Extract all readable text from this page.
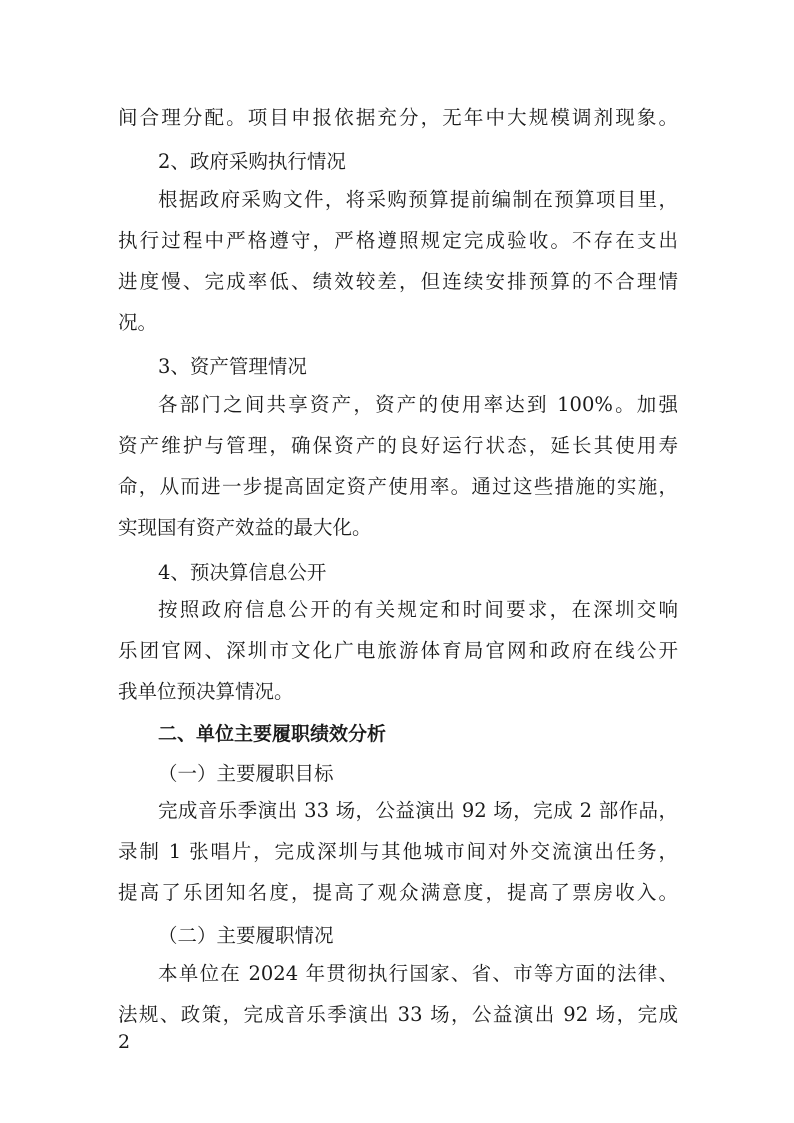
间合理分配。项目申报依据充分，无年中大规模调剂现象。
2、政府采购执行情况
根据政府采购文件，将采购预算提前编制在预算项目里，
执行过程中严格遵守，严格遵照规定完成验收。不存在支出
进度慢、完成率低、绩效较差，但连续安排预算的不合理情
况。
3、资产管理情况
各部门之间共享资产，资产的使用率达到 100%。加强
资产维护与管理，确保资产的良好运行状态，延长其使用寿
命，从而进一步提高固定资产使用率。通过这些措施的实施，
实现国有资产效益的最大化。
4、预决算信息公开
按照政府信息公开的有关规定和时间要求，在深圳交响
乐团官网、深圳市文化广电旅游体育局官网和政府在线公开
我单位预决算情况。
二、单位主要履职绩效分析
（一）主要履职目标
完成音乐季演出 33 场，公益演出 92 场，完成 2 部作品，
录制 1 张唱片，完成深圳与其他城市间对外交流演出任务，
提高了乐团知名度，提高了观众满意度，提高了票房收入。
（二）主要履职情况
本单位在 2024 年贯彻执行国家、省、市等方面的法律、
法规、政策，完成音乐季演出 33 场，公益演出 92 场，完成
2
